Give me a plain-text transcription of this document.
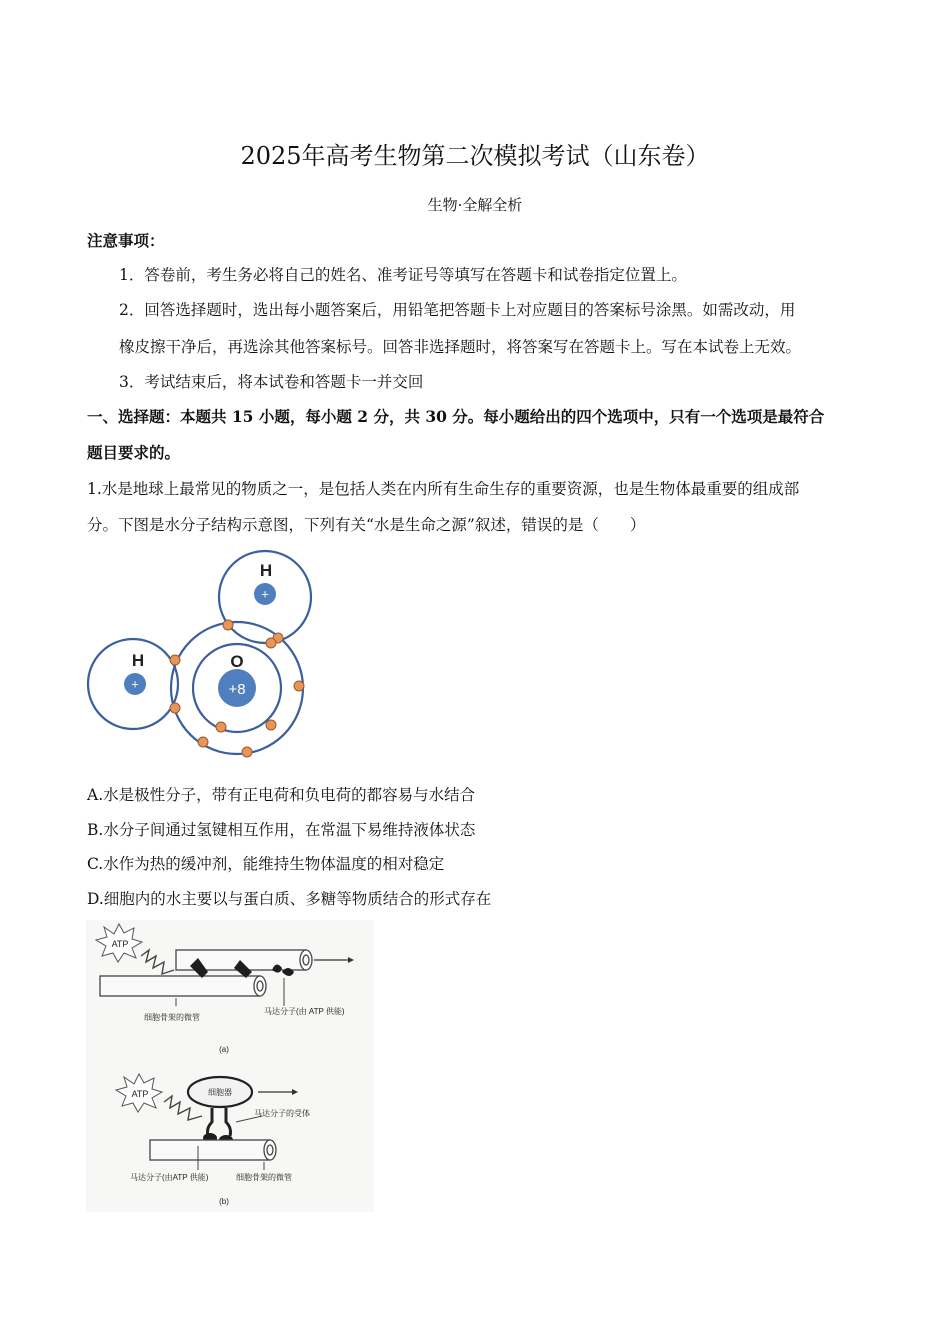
2025年高考生物第二次模拟考试（山东卷）
生物·全解全析
注意事项：
1．答卷前，考生务必将自己的姓名、准考证号等填写在答题卡和试卷指定位置上。
2．回答选择题时，选出每小题答案后，用铅笔把答题卡上对应题目的答案标号涂黑。如需改动，用
橡皮擦干净后，再选涂其他答案标号。回答非选择题时，将答案写在答题卡上。写在本试卷上无效。
3．考试结束后，将本试卷和答题卡一并交回
一、选择题：本题共 15 小题，每小题 2 分，共 30 分。每小题给出的四个选项中，只有一个选项是最符合
题目要求的。
1.水是地球上最常见的物质之一，是包括人类在内所有生命生存的重要资源，也是生物体最重要的组成部
分。下图是水分子结构示意图，下列有关“水是生命之源”叙述，错误的是（　　）
+
H
+
H
+8
O
A.水是极性分子，带有正电荷和负电荷的都容易与水结合
B.水分子间通过氢键相互作用，在常温下易维持液体状态
C.水作为热的缓冲剂，能维持生物体温度的相对稳定
D.细胞内的水主要以与蛋白质、多糖等物质结合的形式存在
ATP
细胞骨架的微管
马达分子(由 ATP 供能)
(a)
ATP	细胞器
马达分子的受体
马达分子(由ATP 供能)	细胞骨架的微管
(b)
